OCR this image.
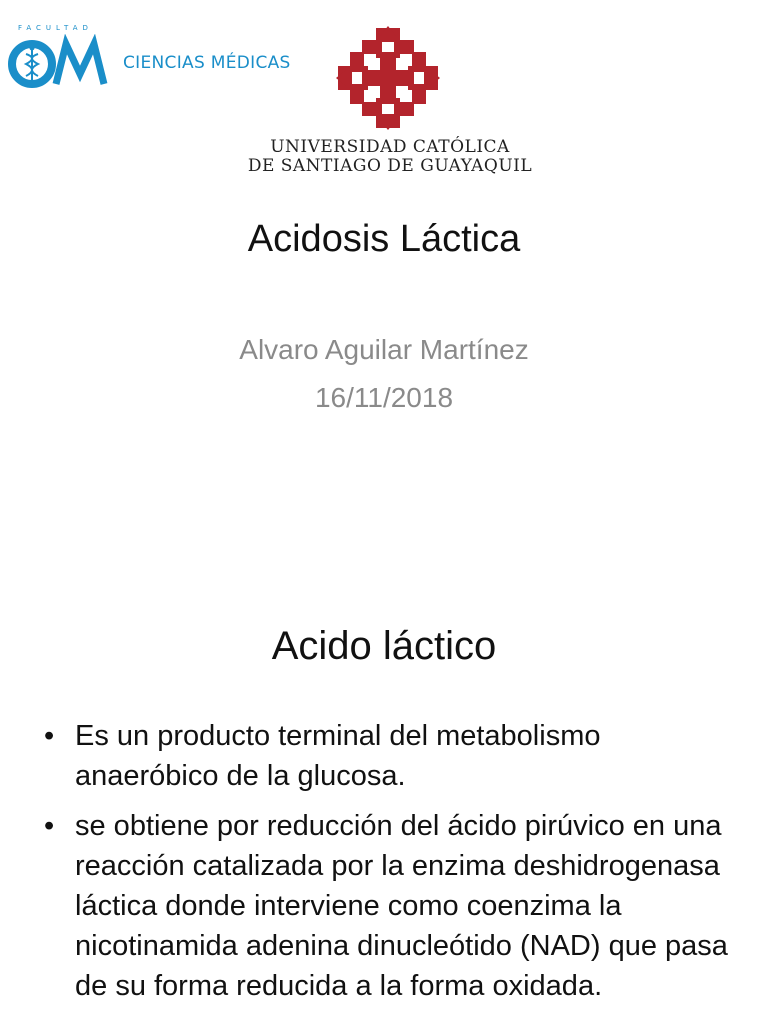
FACULTAD
CIENCIAS MÉDICAS
UNIVERSIDAD CATÓLICA
DE SANTIAGO DE GUAYAQUIL
Acidosis Láctica
Alvaro Aguilar Martínez
16/11/2018
Acido láctico
• Es un producto terminal del metabolismo anaeróbico de la glucosa.
• se obtiene por reducción del ácido pirúvico en una reacción catalizada por la enzima deshidrogenasa láctica donde interviene como coenzima la nicotinamida adenina dinucleótido (NAD) que pasa de su forma reducida a la forma oxidada.
